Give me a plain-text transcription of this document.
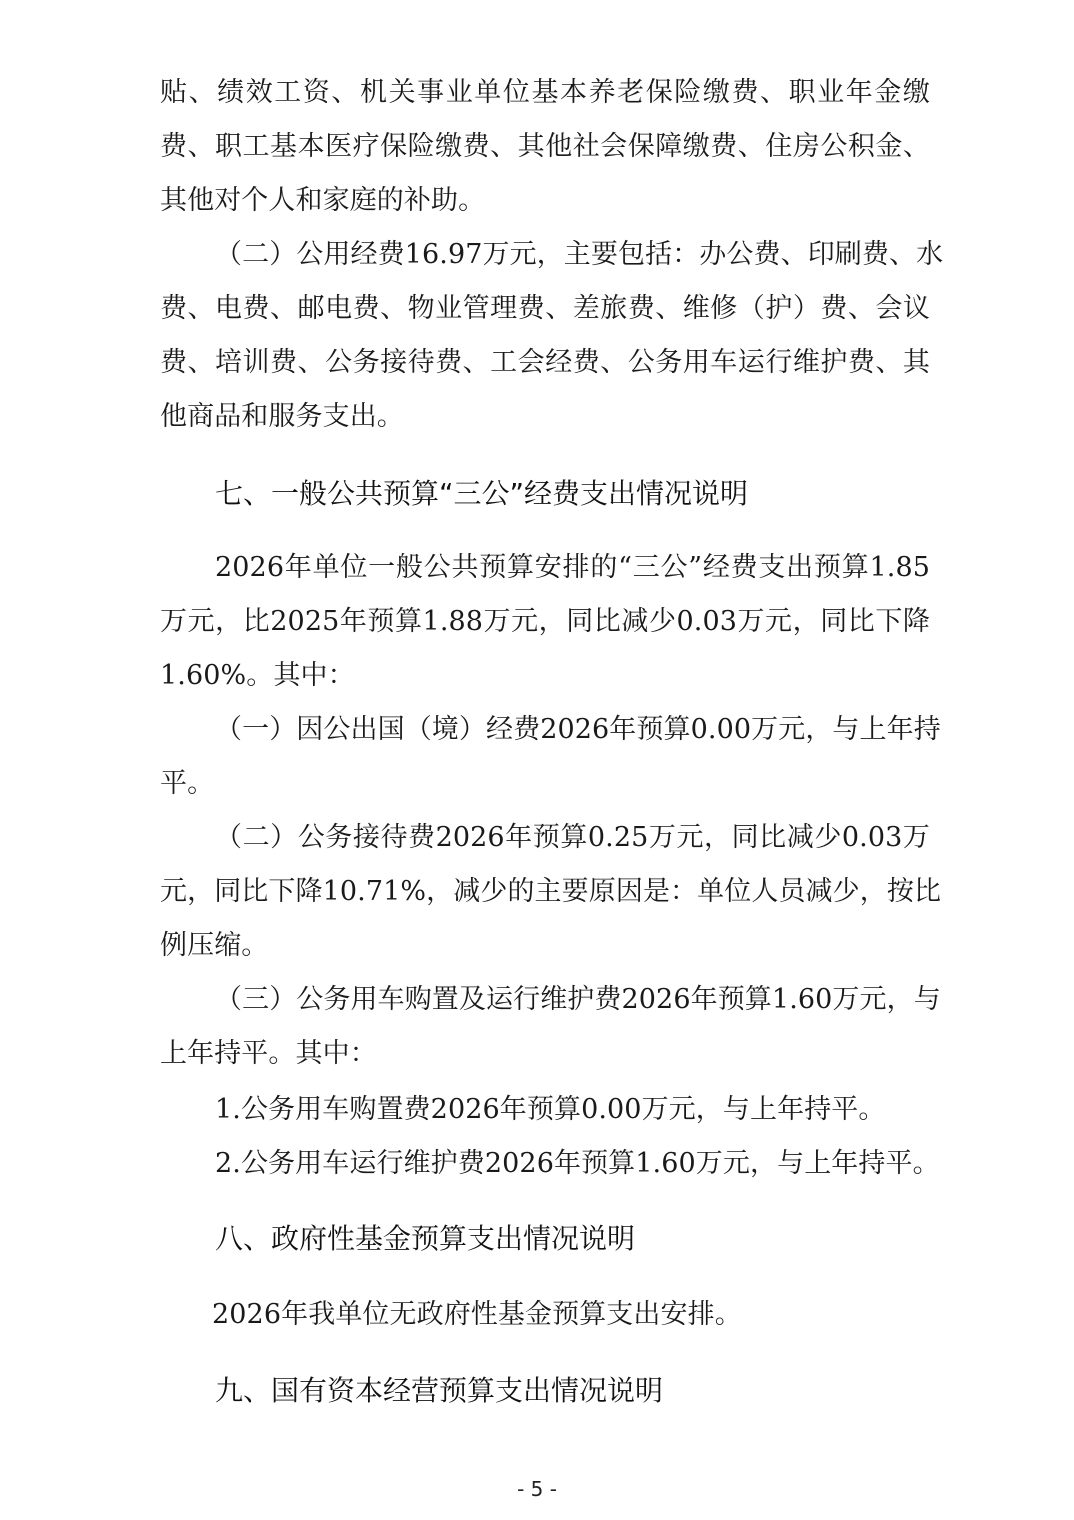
贴、绩效工资、机关事业单位基本养老保险缴费、职业年金缴
费、职工基本医疗保险缴费、其他社会保障缴费、住房公积金、
其他对个人和家庭的补助。
（二）公用经费16.97万元，主要包括：办公费、印刷费、水
费、电费、邮电费、物业管理费、差旅费、维修（护）费、会议
费、培训费、公务接待费、工会经费、公务用车运行维护费、其
他商品和服务支出。
七、一般公共预算“三公”经费支出情况说明
2026年单位一般公共预算安排的“三公”经费支出预算1.85
万元，比2025年预算1.88万元，同比减少0.03万元，同比下降
1.60%。其中：
（一）因公出国（境）经费2026年预算0.00万元，与上年持
平。
（二）公务接待费2026年预算0.25万元，同比减少0.03万
元，同比下降10.71%，减少的主要原因是：单位人员减少，按比
例压缩。
（三）公务用车购置及运行维护费2026年预算1.60万元，与
上年持平。其中：
1.公务用车购置费2026年预算0.00万元，与上年持平。
2.公务用车运行维护费2026年预算1.60万元，与上年持平。
八、政府性基金预算支出情况说明
2026年我单位无政府性基金预算支出安排。
九、国有资本经营预算支出情况说明
- 5 -
